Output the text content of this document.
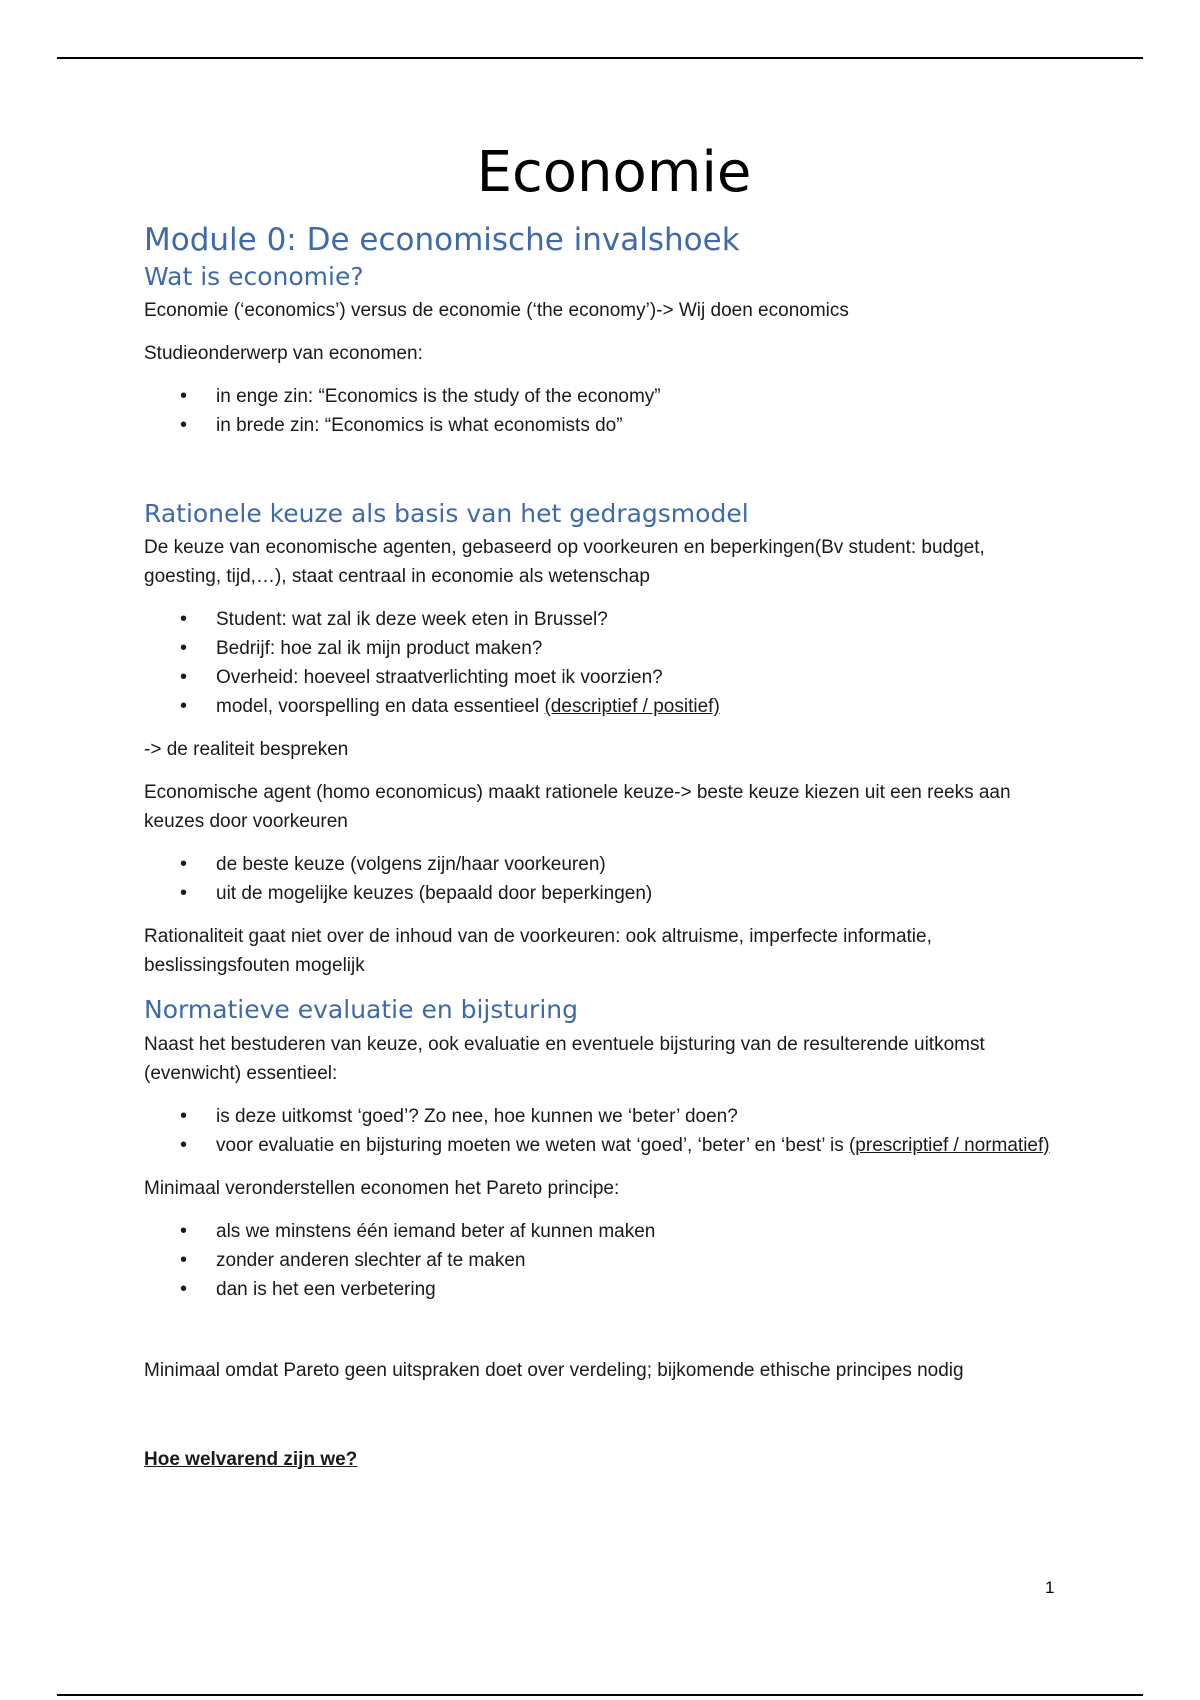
Economie
Module 0: De economische invalshoek
Wat is economie?

Economie (‘economics’) versus de economie (‘the economy’)-> Wij doen economics

Studieonderwerp van economen:

• in enge zin: “Economics is the study of the economy”
• in brede zin: “Economics is what economists do”
Rationele keuze als basis van het gedragsmodel

De keuze van economische agenten, gebaseerd op voorkeuren en beperkingen(Bv student: budget, goesting, tijd,…), staat centraal in economie als wetenschap

• Student: wat zal ik deze week eten in Brussel?
• Bedrijf: hoe zal ik mijn product maken?
• Overheid: hoeveel straatverlichting moet ik voorzien?
• model, voorspelling en data essentieel (descriptief / positief)

-> de realiteit bespreken

Economische agent (homo economicus) maakt rationele keuze-> beste keuze kiezen uit een reeks aan keuzes door voorkeuren

• de beste keuze (volgens zijn/haar voorkeuren)
• uit de mogelijke keuzes (bepaald door beperkingen)

Rationaliteit gaat niet over de inhoud van de voorkeuren: ook altruisme, imperfecte informatie, beslissingsfouten mogelijk

Normatieve evaluatie en bijsturing

Naast het bestuderen van keuze, ook evaluatie en eventuele bijsturing van de resulterende uitkomst (evenwicht) essentieel:

• is deze uitkomst ‘goed’? Zo nee, hoe kunnen we ‘beter’ doen?
• voor evaluatie en bijsturing moeten we weten wat ‘goed’, ‘beter’ en ‘best’ is (prescriptief / normatief)

Minimaal veronderstellen economen het Pareto principe:

• als we minstens één iemand beter af kunnen maken
• zonder anderen slechter af te maken
• dan is het een verbetering

Minimaal omdat Pareto geen uitspraken doet over verdeling; bijkomende ethische principes nodig

Hoe welvarend zijn we?

1
